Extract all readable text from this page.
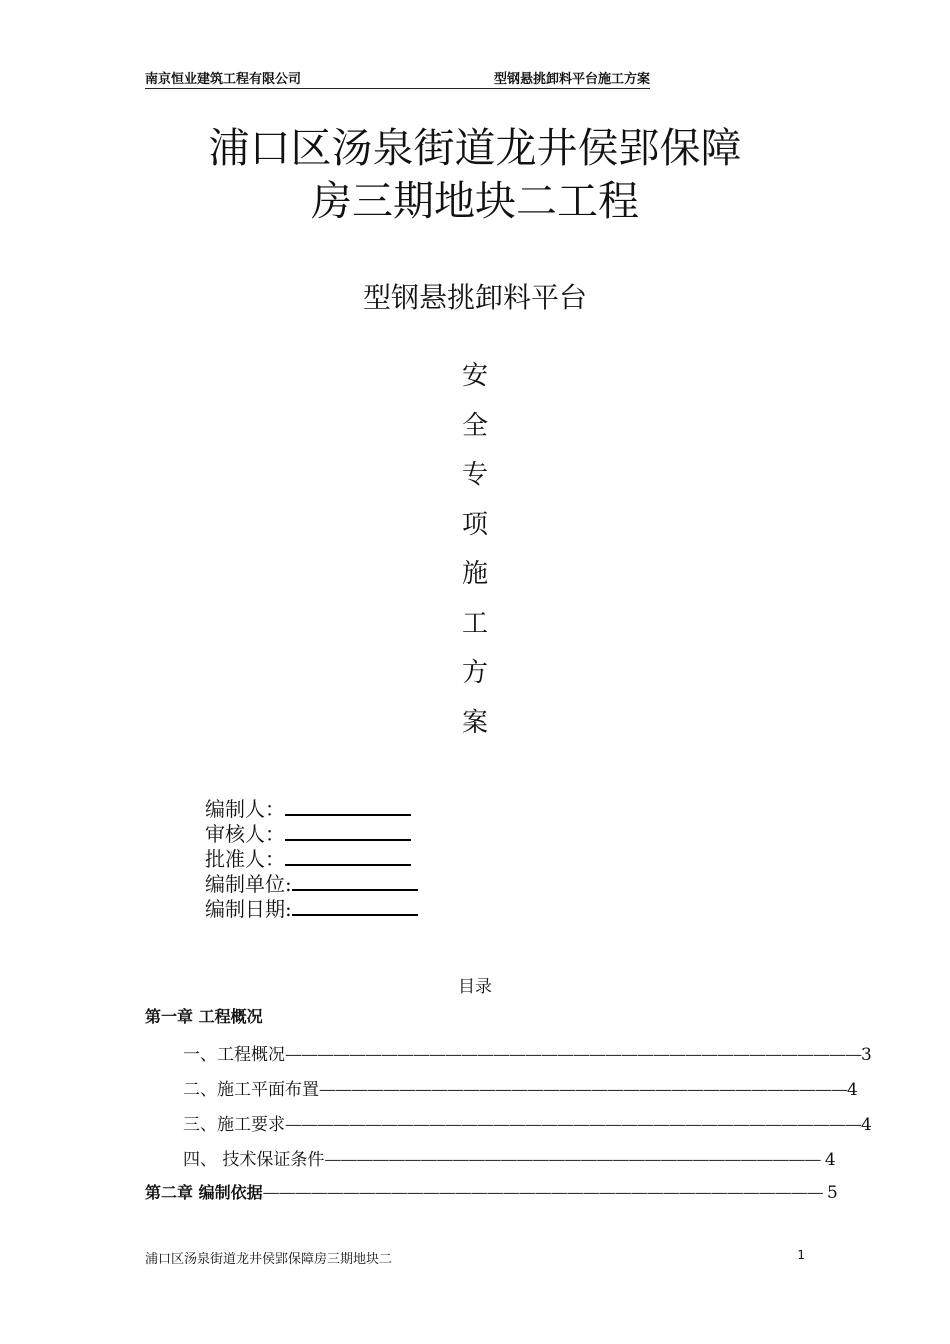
南京恒业建筑工程有限公司	型钢悬挑卸料平台施工方案
浦口区汤泉街道龙井侯郢保障
房三期地块二工程
型钢悬挑卸料平台
安
全
专
项
施
工
方
案
编制人：
审核人：
批准人：
编制单位:
编制日期:
目录
第一章 工程概况
一、工程概况————————————————————————————————————3
二、施工平面布置—————————————————————————————————4
三、施工要求————————————————————————————————————4
四、 技术保证条件——————————————————————————————— 4
第二章 编制依据——————————————————————————————————— 5
浦口区汤泉街道龙井侯郢保障房三期地块二	1
